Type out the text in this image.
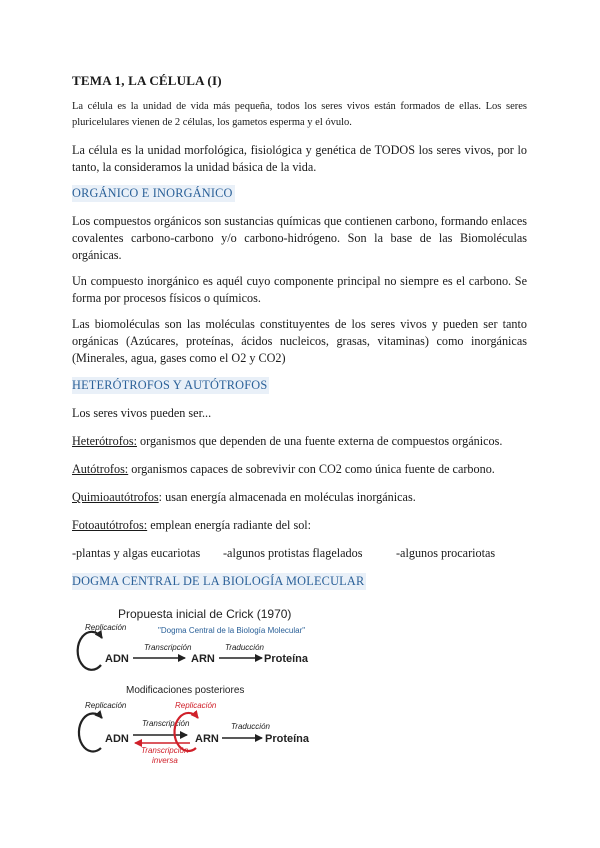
TEMA 1, LA CÉLULA (I)

La célula es la unidad de vida más pequeña, todos los seres vivos están formados de ellas. Los seres pluricelulares vienen de 2 células, los gametos esperma y el óvulo.

La célula es la unidad morfológica, fisiológica y genética de TODOS los seres vivos, por lo tanto, la consideramos la unidad básica de la vida.

ORGÁNICO E INORGÁNICO

Los compuestos orgánicos son sustancias químicas que contienen carbono, formando enlaces covalentes carbono-carbono y/o carbono-hidrógeno. Son la base de las Biomoléculas orgánicas.

Un compuesto inorgánico es aquél cuyo componente principal no siempre es el carbono. Se forma por procesos físicos o químicos.

Las biomoléculas son las moléculas constituyentes de los seres vivos y pueden ser tanto orgánicas (Azúcares, proteínas, ácidos nucleicos, grasas, vitaminas) como inorgánicas (Minerales, agua, gases como el O2 y CO2)

HETERÓTROFOS Y AUTÓTROFOS

Los seres vivos pueden ser...

Heterótrofos: organismos que dependen de una fuente externa de compuestos orgánicos.

Autótrofos: organismos capaces de sobrevivir con CO2 como única fuente de carbono.

Quimioautótrofos: usan energía almacenada en moléculas inorgánicas.

Fotoautótrofos: emplean energía radiante del sol:

-plantas y algas eucariotas -algunos protistas flagelados	-algunos procariotas
DOGMA CENTRAL DE LA BIOLOGÍA MOLECULAR
Propuesta inicial de Crick (1970)
Replicación	"Dogma Central de la Biología Molecular"
ADN
Transcripción
ARN
Traducción
Proteína
Modificaciones posteriores
Replicación	Replicación
ADN
Transcripción
Transcripción
inversa
ARN
Traducción
Proteína
